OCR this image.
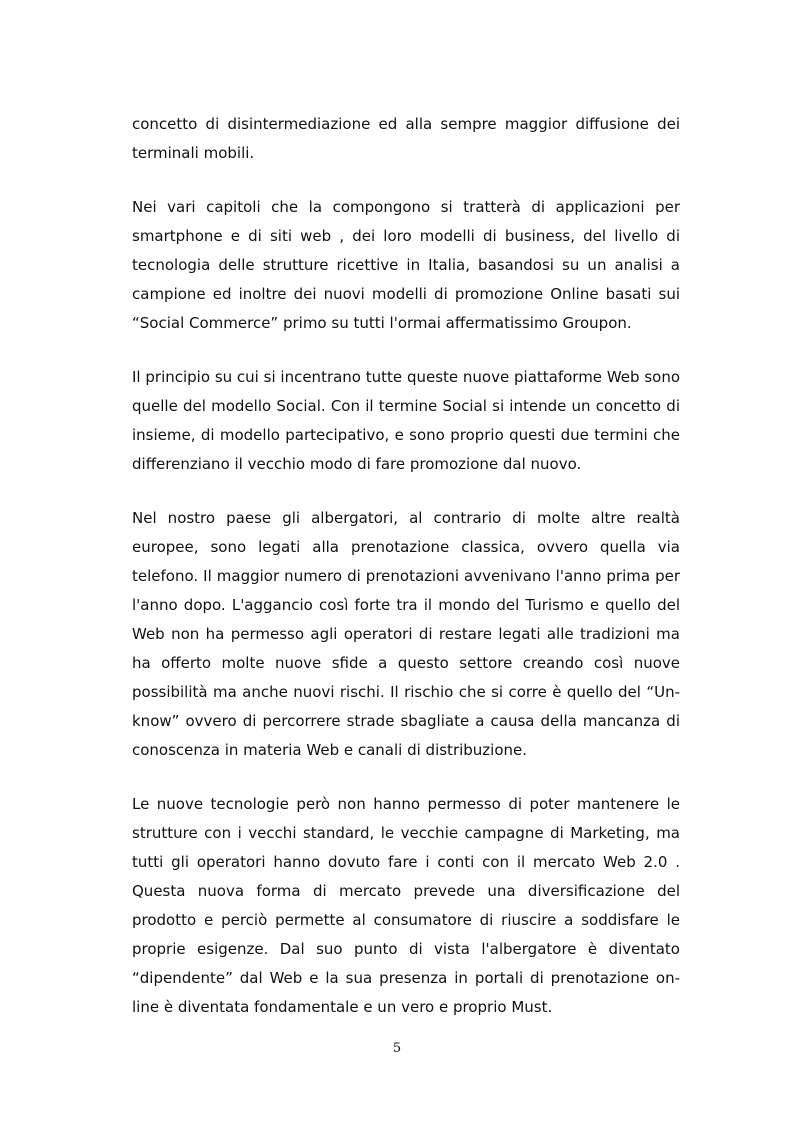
concetto di disintermediazione ed alla sempre maggior diffusione dei terminali mobili.

Nei vari capitoli che la compongono si tratterà di applicazioni per smartphone e di siti web , dei loro modelli di business, del livello di tecnologia delle strutture ricettive in Italia, basandosi su un analisi a campione ed inoltre dei nuovi modelli di promozione Online basati sui “Social Commerce” primo su tutti l'ormai affermatissimo Groupon.

Il principio su cui si incentrano tutte queste nuove piattaforme Web sono quelle del modello Social. Con il termine Social si intende un concetto di insieme, di modello partecipativo, e sono proprio questi due termini che differenziano il vecchio modo di fare promozione dal nuovo.

Nel nostro paese gli albergatori, al contrario di molte altre realtà europee, sono legati alla prenotazione classica, ovvero quella via telefono. Il maggior numero di prenotazioni avvenivano l'anno prima per l'anno dopo. L'aggancio così forte tra il mondo del Turismo e quello del Web non ha permesso agli operatori di restare legati alle tradizioni ma ha offerto molte nuove sfide a questo settore creando così nuove possibilità ma anche nuovi rischi. Il rischio che si corre è quello del “Un-know” ovvero di percorrere strade sbagliate a causa della mancanza di conoscenza in materia Web e canali di distribuzione.

Le nuove tecnologie però non hanno permesso di poter mantenere le strutture con i vecchi standard, le vecchie campagne di Marketing, ma tutti gli operatori hanno dovuto fare i conti con il mercato Web 2.0 . Questa nuova forma di mercato prevede una diversificazione del prodotto e perciò permette al consumatore di riuscire a soddisfare le proprie esigenze. Dal suo punto di vista l'albergatore è diventato “dipendente” dal Web e la sua presenza in portali di prenotazione on-line è diventata fondamentale e un vero e proprio Must.

5
